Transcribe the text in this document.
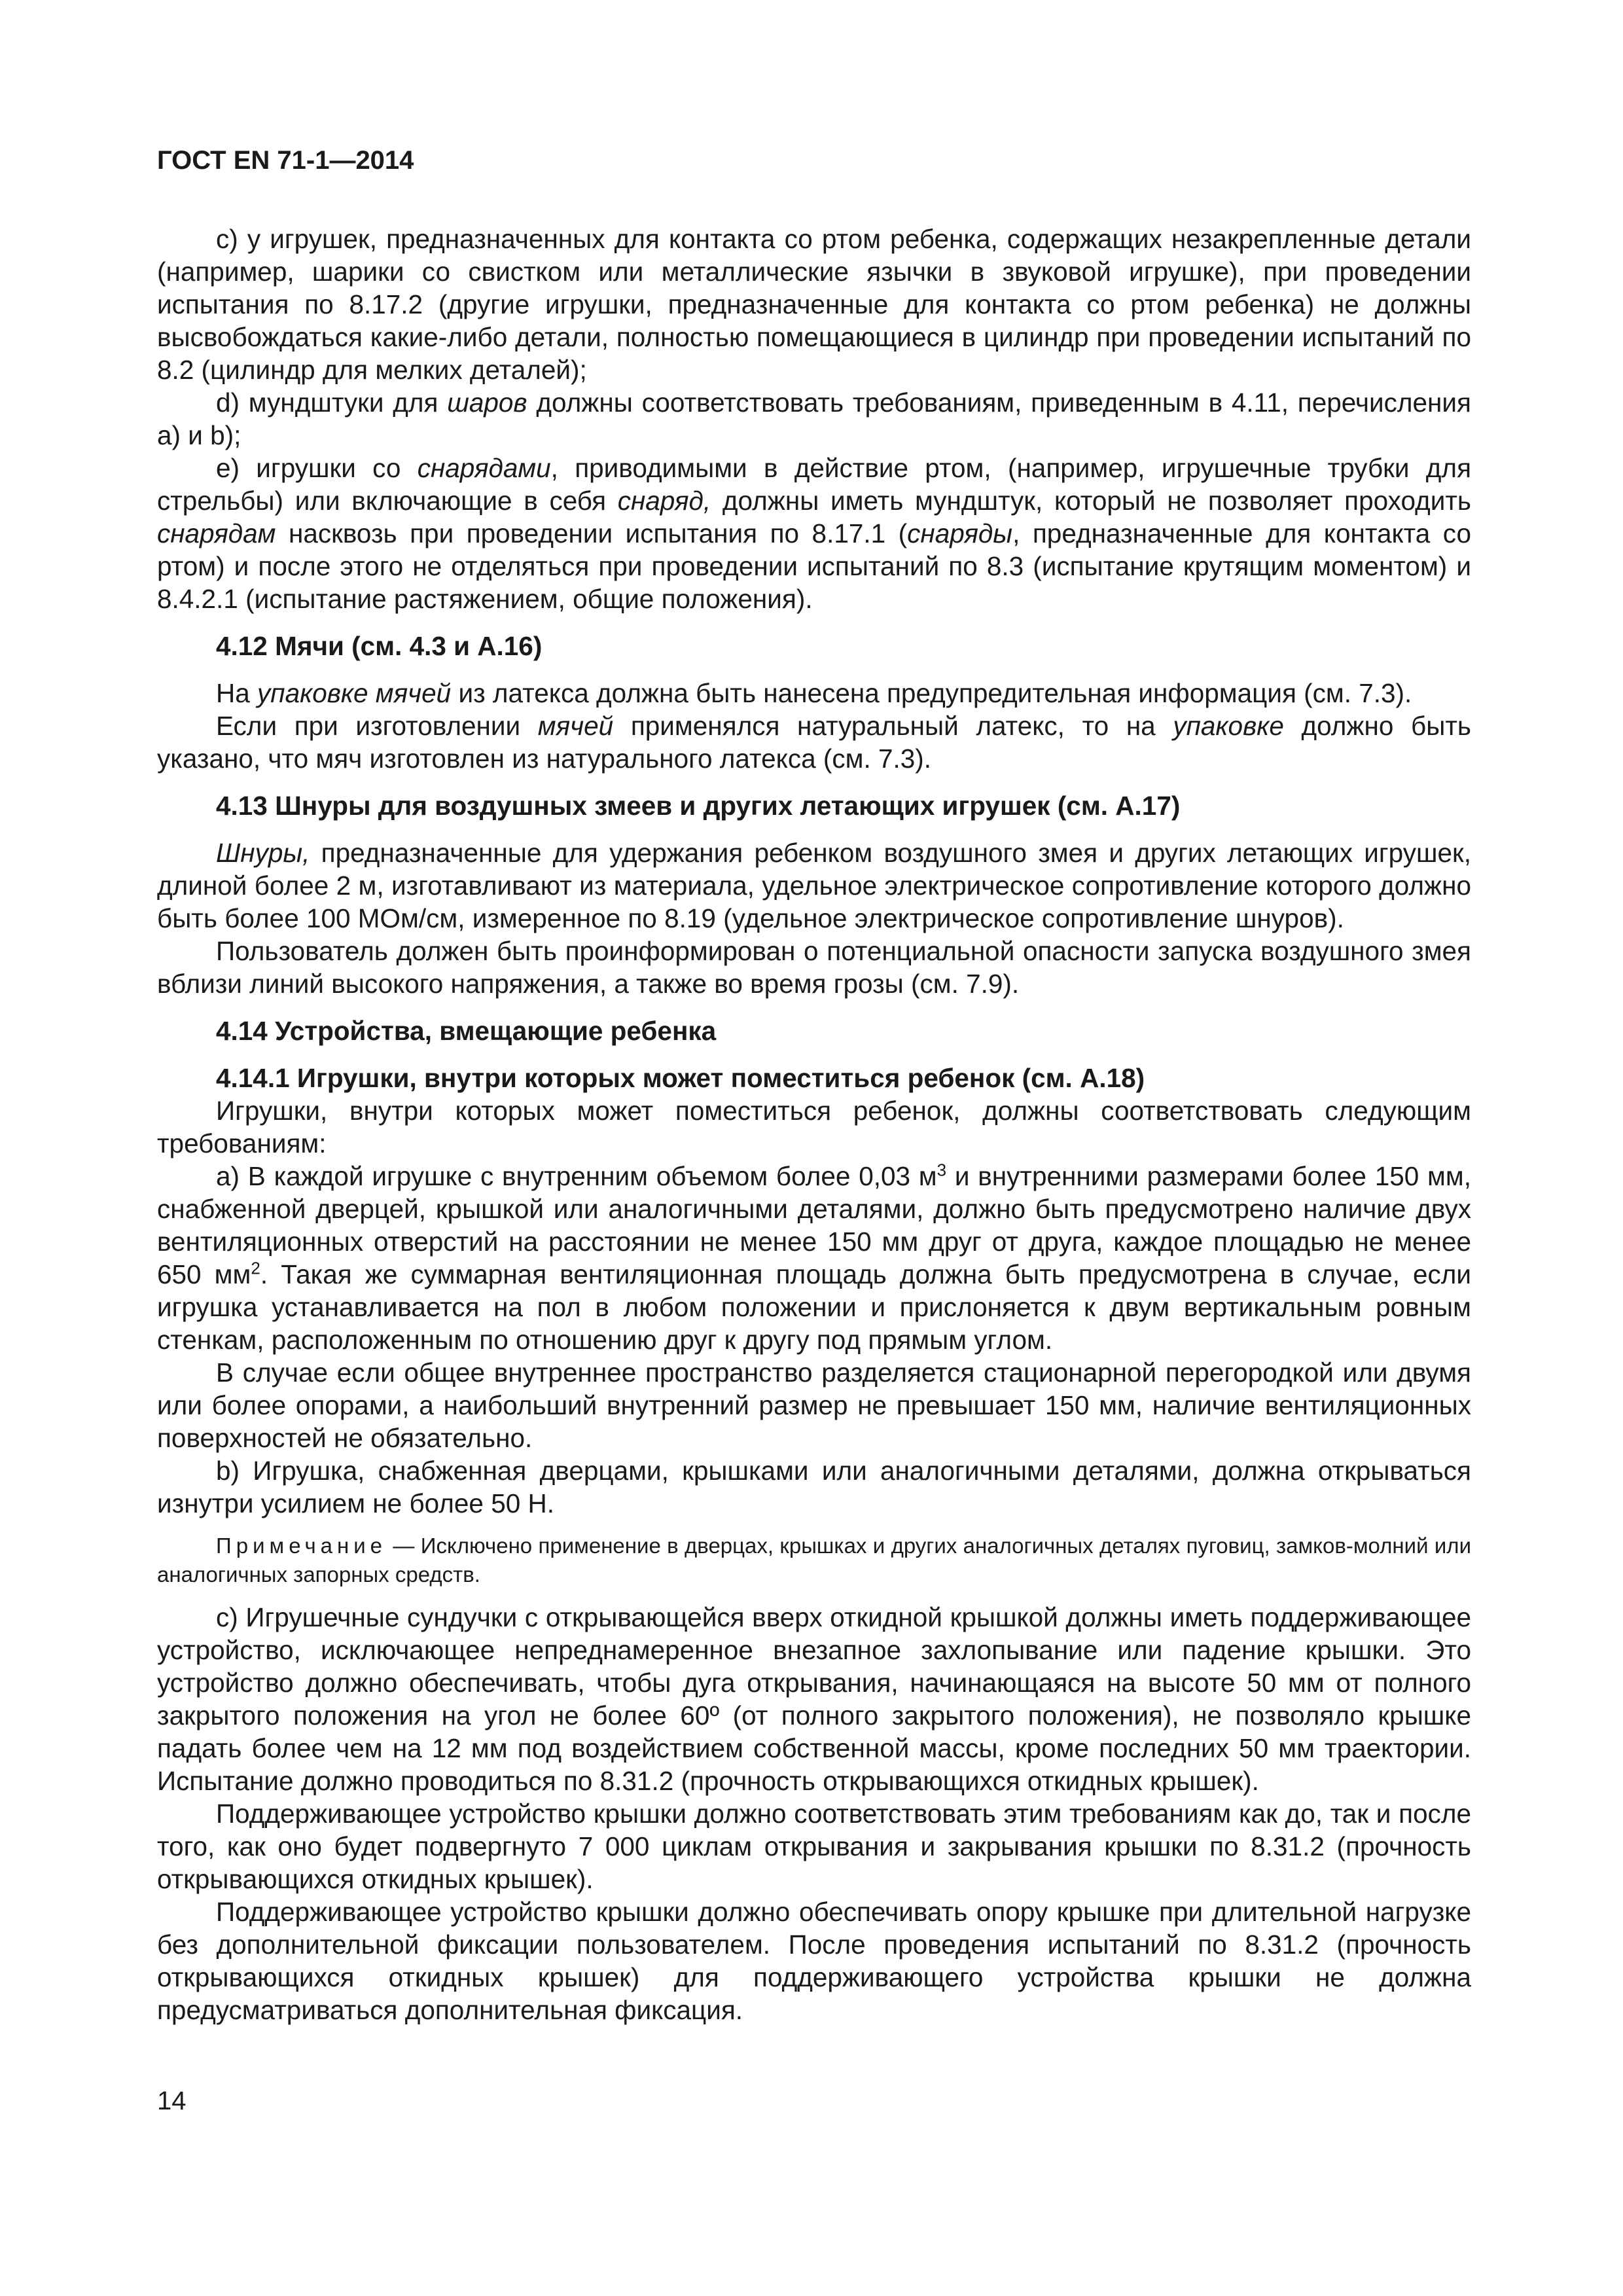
ГОСТ EN 71-1—2014

с) у игрушек, предназначенных для контакта со ртом ребенка, содержащих незакрепленные детали (например, шарики со свистком или металлические язычки в звуковой игрушке), при проведении испытания по 8.17.2 (другие игрушки, предназначенные для контакта со ртом ребенка) не должны высвобождаться какие-либо детали, полностью помещающиеся в цилиндр при проведении испытаний по 8.2 (цилиндр для мелких деталей);

d) мундштуки для шаров должны соответствовать требованиям, приведенным в 4.11, перечисления а) и b);

е) игрушки со снарядами, приводимыми в действие ртом, (например, игрушечные трубки для стрельбы) или включающие в себя снаряд, должны иметь мундштук, который не позволяет проходить снарядам насквозь при проведении испытания по 8.17.1 (снаряды, предназначенные для контакта со ртом) и после этого не отделяться при проведении испытаний по 8.3 (испытание крутящим моментом) и 8.4.2.1 (испытание растяжением, общие положения).

4.12 Мячи (см. 4.3 и А.16)

На упаковке мячей из латекса должна быть нанесена предупредительная информация (см. 7.3).

Если при изготовлении мячей применялся натуральный латекс, то на упаковке должно быть указано, что мяч изготовлен из натурального латекса (см. 7.3).

4.13 Шнуры для воздушных змеев и других летающих игрушек (см. А.17)

Шнуры, предназначенные для удержания ребенком воздушного змея и других летающих игрушек, длиной более 2 м, изготавливают из материала, удельное электрическое сопротивление которого должно быть более 100 МОм/см, измеренное по 8.19 (удельное электрическое сопротивление шнуров).

Пользователь должен быть проинформирован о потенциальной опасности запуска воздушного змея вблизи линий высокого напряжения, а также во время грозы (см. 7.9).

4.14 Устройства, вмещающие ребенка
4.14.1 Игрушки, внутри которых может поместиться ребенок (см. А.18)

Игрушки, внутри которых может поместиться ребенок, должны соответствовать следующим требованиям:

а) В каждой игрушке с внутренним объемом более 0,03 $м^3$ и внутренними размерами более 150 мм, снабженной дверцей, крышкой или аналогичными деталями, должно быть предусмотрено наличие двух вентиляционных отверстий на расстоянии не менее 150 мм друг от друга, каждое площадью не менее 650 $мм^2$. Такая же суммарная вентиляционная площадь должна быть предусмотрена в случае, если игрушка устанавливается на пол в любом положении и прислоняется к двум вертикальным ровным стенкам, расположенным по отношению друг к другу под прямым углом.

В случае если общее внутреннее пространство разделяется стационарной перегородкой или двумя или более опорами, а наибольший внутренний размер не превышает 150 мм, наличие вентиляционных поверхностей не обязательно.

b) Игрушка, снабженная дверцами, крышками или аналогичными деталями, должна открываться изнутри усилием не более 50 Н.

Примечание — Исключено применение в дверцах, крышках и других аналогичных деталях пуговиц, замков-молний или аналогичных запорных средств.

с) Игрушечные сундучки с открывающейся вверх откидной крышкой должны иметь поддерживающее устройство, исключающее непреднамеренное внезапное захлопывание или падение крышки. Это устройство должно обеспечивать, чтобы дуга открывания, начинающаяся на высоте 50 мм от полного закрытого положения на угол не более 60º (от полного закрытого положения), не позволяло крышке падать более чем на 12 мм под воздействием собственной массы, кроме последних 50 мм траектории. Испытание должно проводиться по 8.31.2 (прочность открывающихся откидных крышек).

Поддерживающее устройство крышки должно соответствовать этим требованиям как до, так и после того, как оно будет подвергнуто 7 000 циклам открывания и закрывания крышки по 8.31.2 (прочность открывающихся откидных крышек).

Поддерживающее устройство крышки должно обеспечивать опору крышке при длительной нагрузке без дополнительной фиксации пользователем. После проведения испытаний по 8.31.2 (прочность открывающихся откидных крышек) для поддерживающего устройства крышки не должна предусматриваться дополнительная фиксация.

14
